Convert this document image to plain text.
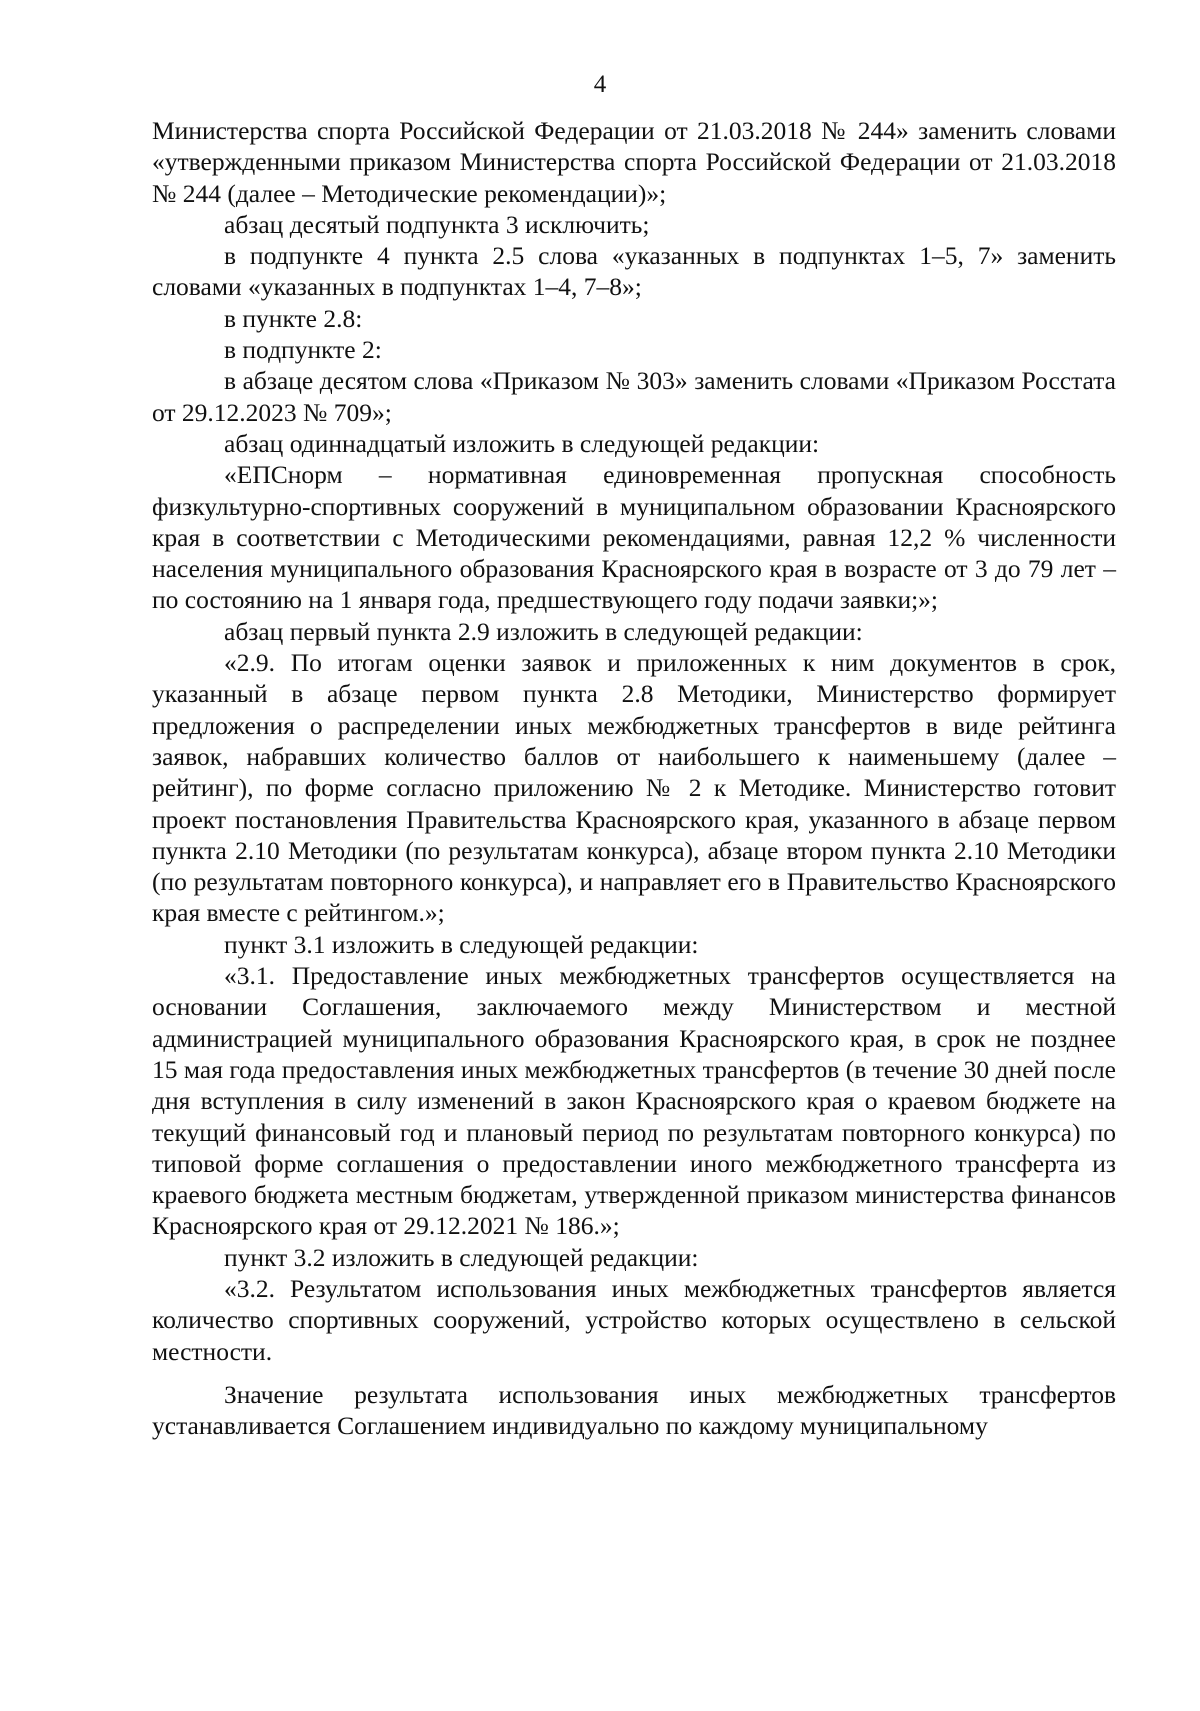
4

Министерства спорта Российской Федерации от 21.03.2018 № 244» заменить словами «утвержденными приказом Министерства спорта Российской Федерации от 21.03.2018 № 244 (далее – Методические рекомендации)»;

абзац десятый подпункта 3 исключить;

в подпункте 4 пункта 2.5 слова «указанных в подпунктах 1–5, 7» заменить словами «указанных в подпунктах 1–4, 7–8»;

в пункте 2.8:

в подпункте 2:

в абзаце десятом слова «Приказом № 303» заменить словами «Приказом Росстата от 29.12.2023 № 709»;

абзац одиннадцатый изложить в следующей редакции:

«ЕПСнорм – нормативная единовременная пропускная способность физкультурно-спортивных сооружений в муниципальном образовании Красноярского края в соответствии с Методическими рекомендациями, равная 12,2 % численности населения муниципального образования Красноярского края в возрасте от 3 до 79 лет – по состоянию на 1 января года, предшествующего году подачи заявки;»;

абзац первый пункта 2.9 изложить в следующей редакции:

«2.9. По итогам оценки заявок и приложенных к ним документов в срок, указанный в абзаце первом пункта 2.8 Методики, Министерство формирует предложения о распределении иных межбюджетных трансфертов в виде рейтинга заявок, набравших количество баллов от наибольшего к наименьшему (далее – рейтинг), по форме согласно приложению № 2 к Методике. Министерство готовит проект постановления Правительства Красноярского края, указанного в абзаце первом пункта 2.10 Методики (по результатам конкурса), абзаце втором пункта 2.10 Методики (по результатам повторного конкурса), и направляет его в Правительство Красноярского края вместе с рейтингом.»;

пункт 3.1 изложить в следующей редакции:

«3.1. Предоставление иных межбюджетных трансфертов осуществляется на основании Соглашения, заключаемого между Министерством и местной администрацией муниципального образования Красноярского края, в срок не позднее 15 мая года предоставления иных межбюджетных трансфертов (в течение 30 дней после дня вступления в силу изменений в закон Красноярского края о краевом бюджете на текущий финансовый год и плановый период по результатам повторного конкурса) по типовой форме соглашения о предоставлении иного межбюджетного трансферта из краевого бюджета местным бюджетам, утвержденной приказом министерства финансов Красноярского края от 29.12.2021 № 186.»;

пункт 3.2 изложить в следующей редакции:

«3.2. Результатом использования иных межбюджетных трансфертов является количество спортивных сооружений, устройство которых осуществлено в сельской местности.

Значение результата использования иных межбюджетных трансфертов устанавливается Соглашением индивидуально по каждому муниципальному
